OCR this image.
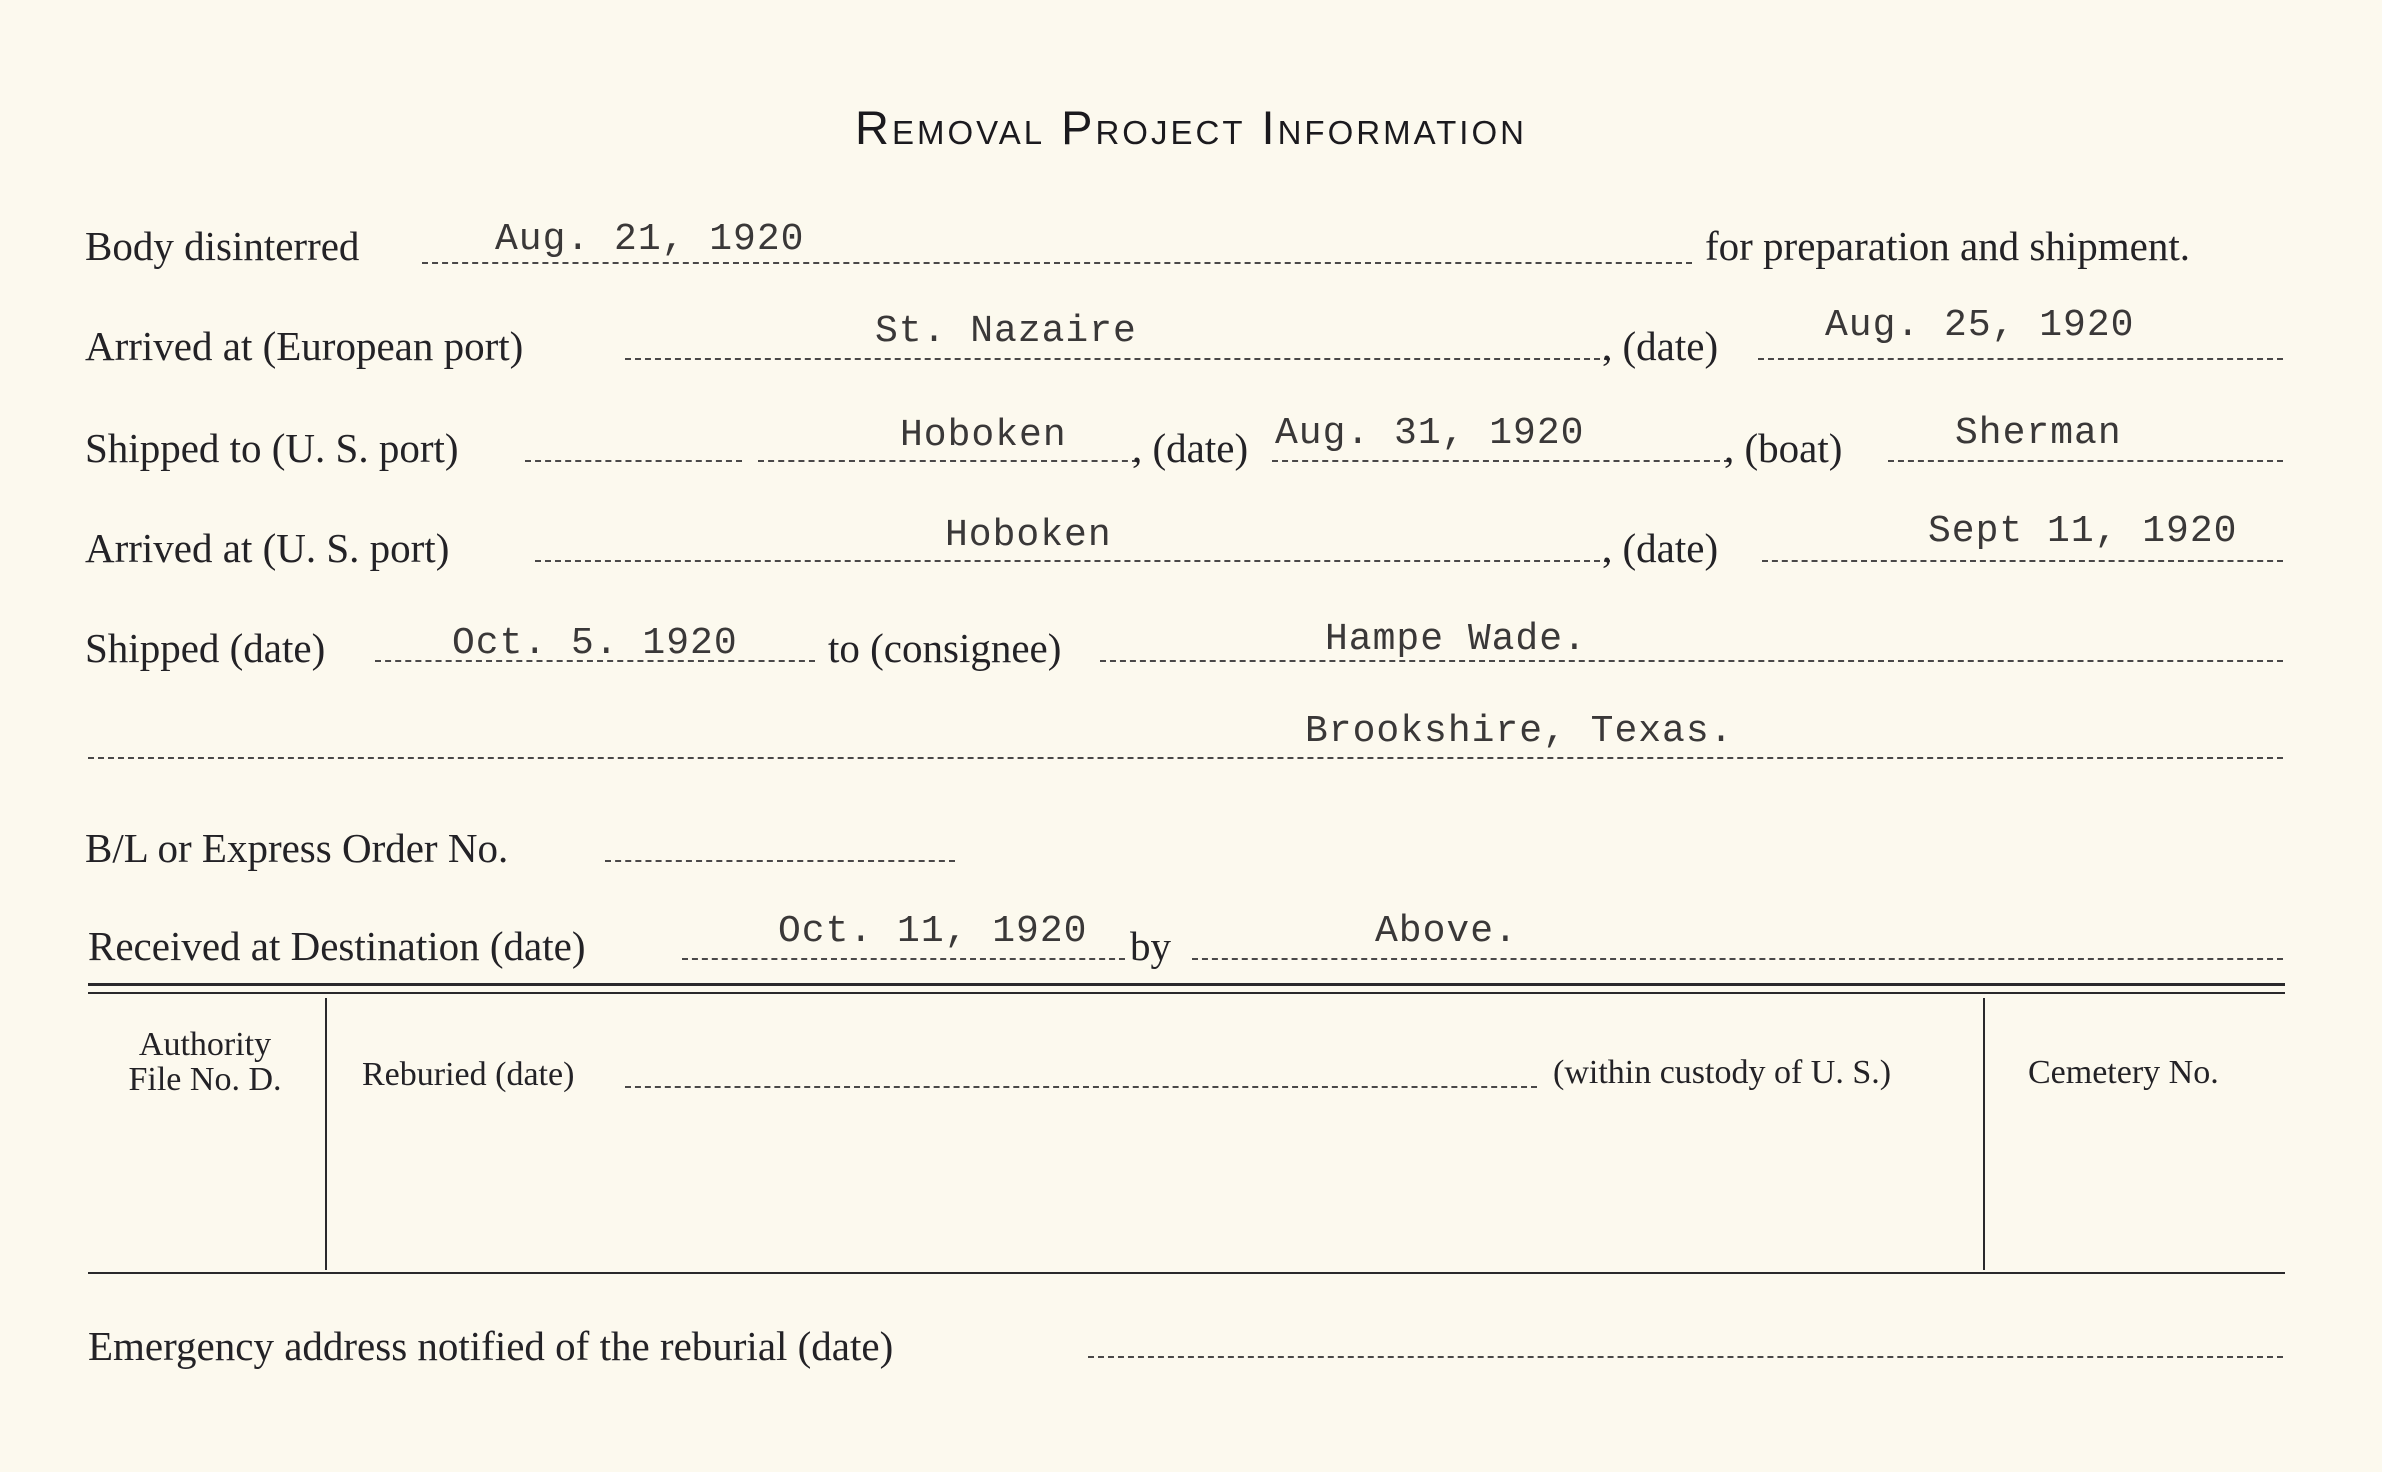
Removal Project Information
Body disinterred	Aug. 21, 1920	for preparation and shipment.
Arrived at (European port)	St. Nazaire	, (date)	Aug. 25, 1920
Shipped to (U. S. port)	Hoboken , (date) Aug. 31, 1920	, (boat)	Sherman
Arrived at (U. S. port)	Hoboken	, (date)	Sept 11, 1920
Shipped (date)	Oct. 5. 1920 to (consignee)	Hampe Wade.
Brookshire, Texas.
B/L or Express Order No.
Received at Destination (date)	Oct. 11, 1920 by	Above.
Authority
File No. D.	Reburied (date)	(within custody of U. S.)	Cemetery No.
Emergency address notified of the reburial (date)
